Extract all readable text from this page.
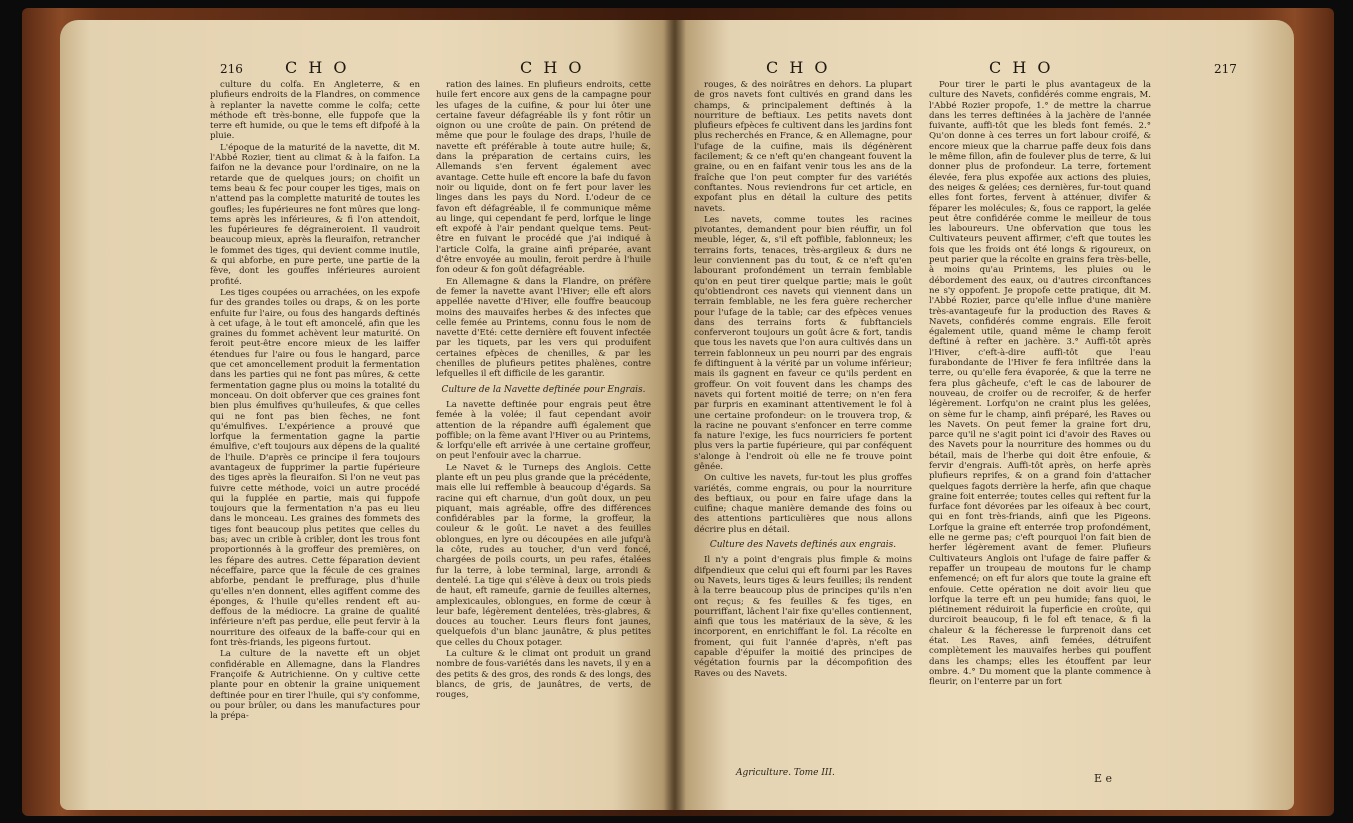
216	C H O	C H O

culture du colfa. En Angleterre, & en plufieurs endroits de la Flandres, on commence à replanter la navette comme le colfa; cette méthode eft très-bonne, elle fuppofe que la terre eft humide, ou que le tems eft difpofé à la pluie.

L'époque de la maturité de la navette, dit M. l'Abbé Rozier, tient au climat & à la faifon. La faifon ne la devance pour l'ordinaire, on ne la retarde que de quelques jours; on choifit un tems beau & fec pour couper les tiges, mais on n'attend pas la complette maturité de toutes les goufles; les fupérieures ne font mûres que long-tems après les inférieures, & fi l'on attendoit, les fupérieures fe dégraineroient. Il vaudroit beaucoup mieux, après la fleuraifon, retrancher le fommet des tiges, qui devient comme inutile, & qui abforbe, en pure perte, une partie de la fève, dont les gouffes inférieures auroient profité.

Les tiges coupées ou arrachées, on les expofe fur des grandes toiles ou draps, & on les porte enfuite fur l'aire, ou fous des hangards deftinés à cet ufage, à le tout eft amoncelé, afin que les graines du fommet achèvent leur maturité. On feroit peut-être encore mieux de les laiffer étendues fur l'aire ou fous le hangard, parce que cet amoncellement produit la fermentation dans les parties qui ne font pas mûres, & cette fermentation gagne plus ou moins la totalité du monceau. On doit obferver que ces graines font bien plus émulfives qu'huileufes, & que celles qui ne font pas bien fèches, ne font qu'émulfives. L'expérience a prouvé que lorfque la fermentation gagne la partie émulfive, c'eft toujours aux dépens de la qualité de l'huile. D'après ce principe il fera toujours avantageux de fupprimer la partie fupérieure des tiges après la fleuraifon. Si l'on ne veut pas fuivre cette méthode, voici un autre procédé qui la fupplée en partie, mais qui fuppofe toujours que la fermentation n'a pas eu lieu dans le monceau. Les graines des fommets des tiges font beaucoup plus petites que celles du bas; avec un crible à cribler, dont les trous font proportionnés à la groffeur des premières, on les fépare des autres. Cette féparation devient néceffaire, parce que la fécule de ces graines abforbe, pendant le preffurage, plus d'huile qu'elles n'en donnent, elles agiffent comme des éponges, & l'huile qu'elles rendent eft au-deffous de la médiocre. La graine de qualité inférieure n'eft pas perdue, elle peut fervir à la nourriture des oifeaux de la baffe-cour qui en font très-friands, les pigeons furtout.

La culture de la navette eft un objet confidérable en Allemagne, dans la Flandres Françoife & Autrichienne. On y cultive cette plante pour en obtenir la graine uniquement deftinée pour en tirer l'huile, qui s'y confomme, ou pour brûler, ou dans les manufactures pour la prépa-

ration des laines. En plufieurs endroits, cette huile fert encore aux gens de la campagne pour les ufages de la cuifine, & pour lui ôter une certaine faveur défagréable ils y font rôtir un oignon ou une croûte de pain. On prétend de même que pour le foulage des draps, l'huile de navette eft préférable à toute autre huile; &, dans la préparation de certains cuirs, les Allemands s'en fervent également avec avantage. Cette huile eft encore la bafe du favon noir ou liquide, dont on fe fert pour laver les linges dans les pays du Nord. L'odeur de ce favon eft défagréable, il fe communique même au linge, qui cependant fe perd, lorfque le linge eft expofé à l'air pendant quelque tems. Peut-être en fuivant le procédé que j'ai indiqué à l'article Colfa, la graine ainfi préparée, avant d'être envoyée au moulin, feroit perdre à l'huile fon odeur & fon goût défagréable.

En Allemagne & dans la Flandre, on préfère de femer la navette avant l'Hiver; elle eft alors appellée navette d'Hiver, elle fouffre beaucoup moins des mauvaifes herbes & des infectes que celle femée au Printems, connu fous le nom de navette d'Eté: cette dernière eft fouvent infectée par les tiquets, par les vers qui produifent certaines efpèces de chenilles, & par les chenilles de plufieurs petites phalènes, contre lefquelles il eft difficile de les garantir.

Culture de la Navette deftinée pour Engrais.

La navette deftinée pour engrais peut être femée à la volée; il faut cependant avoir attention de la répandre auffi également que poffible; on la fème avant l'Hiver ou au Printems, & lorfqu'elle eft arrivée à une certaine groffeur, on peut l'enfouir avec la charrue.

Le Navet & le Turneps des Anglois. Cette plante eft un peu plus grande que la précédente, mais elle lui reffemble à beaucoup d'égards. Sa racine qui eft charnue, d'un goût doux, un peu piquant, mais agréable, offre des différences confidérables par la forme, la groffeur, la couleur & le goût. Le navet a des feuilles oblongues, en lyre ou découpées en aile jufqu'à la côte, rudes au toucher, d'un verd foncé, chargées de poils courts, un peu rafes, étalées fur la terre, à lobe terminal, large, arrondi & dentelé. La tige qui s'élève à deux ou trois pieds de haut, eft rameufe, garnie de feuilles alternes, amplexicaules, oblongues, en forme de cœur à leur bafe, légèrement dentelées, très-glabres, & douces au toucher. Leurs fleurs font jaunes, quelquefois d'un blanc jaunâtre, & plus petites que celles du Choux potager.

La culture & le climat ont produit un grand nombre de fous-variétés dans les navets, il y en a des petits & des gros, des ronds & des longs, des blancs, de gris, de jaunâtres, de verts, de rouges,

C H O	C H O	217

rouges, & des noirâtres en dehors. La plupart de gros navets font cultivés en grand dans les champs, & principalement deftinés à la nourriture de beftiaux. Les petits navets dont plufieurs efpèces fe cultivent dans les jardins font plus recherchés en France, & en Allemagne, pour l'ufage de la cuifine, mais ils dégénèrent facilement; & ce n'eft qu'en changeant fouvent la graine, ou en en faifant venir tous les ans de la fraîche que l'on peut compter fur des variétés conftantes. Nous reviendrons fur cet article, en expofant plus en détail la culture des petits navets.

Les navets, comme toutes les racines pivotantes, demandent pour bien réuffir, un fol meuble, léger, &, s'il eft poffible, fablonneux; les terrains forts, tenaces, très-argileux & durs ne leur conviennent pas du tout, & ce n'eft qu'en labourant profondément un terrain femblable qu'on en peut tirer quelque partie; mais le goût qu'obtiendront ces navets qui viennent dans un terrain femblable, ne les fera guère rechercher pour l'ufage de la table; car des efpèces venues dans des terrains forts & fubftanciels conferveront toujours un goût âcre & fort, tandis que tous les navets que l'on aura cultivés dans un terrein fablonneux un peu nourri par des engrais fe diftinguent à la vérité par un volume inférieur; mais ils gagnent en faveur ce qu'ils perdent en groffeur. On voit fouvent dans les champs des navets qui fortent moitié de terre; on n'en fera par furpris en examinant attentivement le fol à une certaine profondeur: on le trouvera trop, & la racine ne pouvant s'enfoncer en terre comme fa nature l'exige, les fucs nourriciers fe portent plus vers la partie fupérieure, qui par conféquent s'alonge à l'endroit où elle ne fe trouve point gênée.

On cultive les navets, fur-tout les plus groffes variétés, comme engrais, ou pour la nourriture des beftiaux, ou pour en faire ufage dans la cuifine; chaque manière demande des foins ou des attentions particulières que nous allons décrire plus en détail.

Culture des Navets deftinés aux engrais.

Il n'y a point d'engrais plus fimple & moins difpendieux que celui qui eft fourni par les Raves ou Navets, leurs tiges & leurs feuilles; ils rendent à la terre beaucoup plus de principes qu'ils n'en ont reçus; & fes feuilles & fes tiges, en pourriffant, lâchent l'air fixe qu'elles contiennent, ainfi que tous les matériaux de la sève, & les incorporent, en enrichiffant le fol. La récolte en froment, qui fuit l'année d'après, n'eft pas capable d'épuifer la moitié des principes de végétation fournis par la décompofition des Raves ou des Navets.

Agriculture. Tome III.

Pour tirer le parti le plus avantageux de la culture des Navets, confidérés comme engrais, M. l'Abbé Rozier propofe, 1.° de mettre la charrue dans les terres deftinées à la jachère de l'année fuivante, auffi-tôt que les bleds font femés. 2.° Qu'on donne à ces terres un fort labour croifé, & encore mieux que la charrue paffe deux fois dans le même fillon, afin de foulever plus de terre, & lui donner plus de profondeur. La terre, fortement élevée, fera plus expofée aux actions des pluies, des neiges & gelées; ces dernières, fur-tout quand elles font fortes, fervent à atténuer, divifer & féparer les molécules; &, fous ce rapport, la gelée peut être confidérée comme le meilleur de tous les laboureurs. Une obfervation que tous les Cultivateurs peuvent affirmer, c'eft que toutes les fois que les froids ont été longs & rigoureux, on peut parier que la récolte en grains fera très-belle, à moins qu'au Printems, les pluies ou le débordement des eaux, ou d'autres circonftances ne s'y oppofent. Je propofe cette pratique, dit M. l'Abbé Rozier, parce qu'elle influe d'une manière très-avantageufe fur la production des Raves & Navets, confidérés comme engrais. Elle feroit également utile, quand même le champ feroit deftiné à refter en jachère. 3.° Auffi-tôt après l'Hiver, c'eft-à-dire auffi-tôt que l'eau furabondante de l'Hiver fe fera infiltrée dans la terre, ou qu'elle fera évaporée, & que la terre ne fera plus gâcheufe, c'eft le cas de labourer de nouveau, de croifer ou de recroifer, & de herfer légèrement. Lorfqu'on ne craint plus les gelées, on sème fur le champ, ainfi préparé, les Raves ou les Navets. On peut femer la graine fort dru, parce qu'il ne s'agit point ici d'avoir des Raves ou des Navets pour la nourriture des hommes ou du bétail, mais de l'herbe qui doit être enfouie, & fervir d'engrais. Auffi-tôt après, on herfe après plufieurs reprifes, & on a grand foin d'attacher quelques fagots derrière la herfe, afin que chaque graine foit enterrée; toutes celles qui reftent fur la furface font dévorées par les oifeaux à bec court, qui en font très-friands, ainfi que les Pigeons. Lorfque la graine eft enterrée trop profondément, elle ne germe pas; c'eft pourquoi l'on fait bien de herfer légèrement avant de femer. Plufieurs Cultivateurs Anglois ont l'ufage de faire paffer & repaffer un troupeau de moutons fur le champ enfemencé; on eft fur alors que toute la graine eft enfouie. Cette opération ne doit avoir lieu que lorfque la terre eft un peu humide; fans quoi, le piétinement réduiroit la fuperficie en croûte, qui durciroit beaucoup, fi le fol eft tenace, & fi la chaleur & la fécheresse le furprenoit dans cet état. Les Raves, ainfi femées, détruifent complètement les mauvaifes herbes qui pouffent dans les champs; elles les étouffent par leur ombre. 4.° Du moment que la plante commence à fleurir, on l'enterre par un fort

E e
